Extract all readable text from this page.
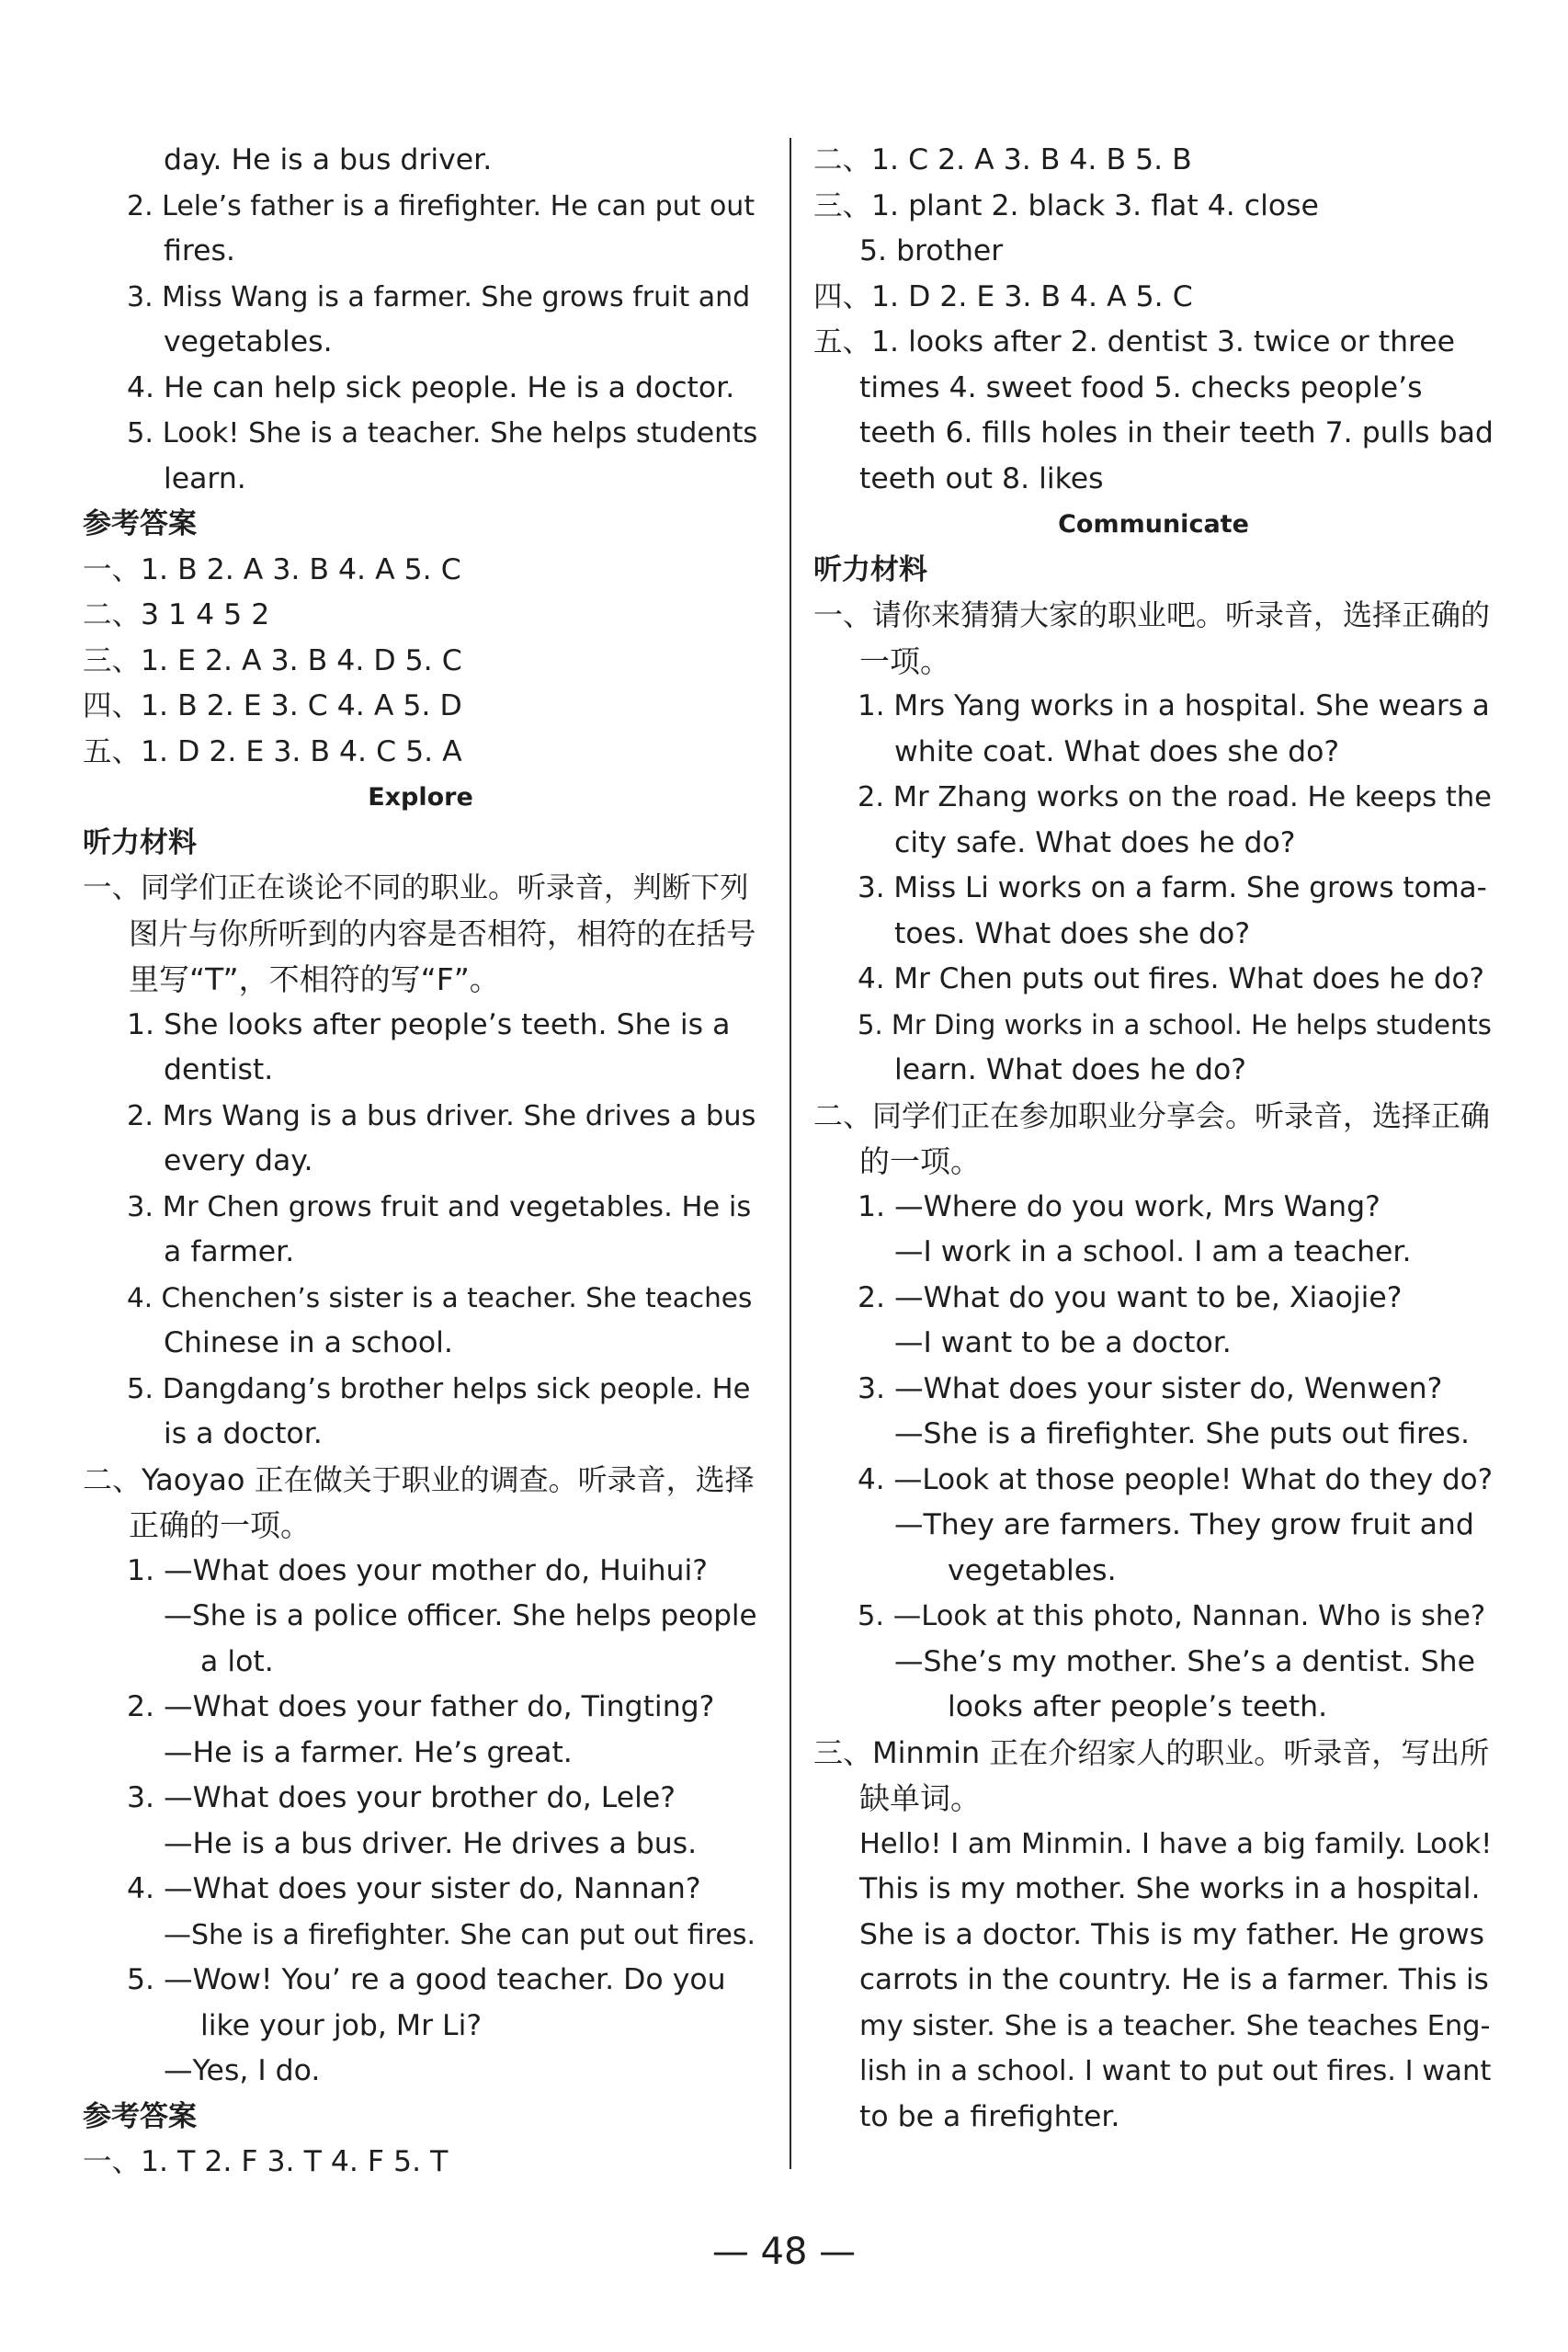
day. He is a bus driver.
2. Lele’s father is a firefighter. He can put out
fires.
3. Miss Wang is a farmer. She grows fruit and
vegetables.
4. He can help sick people. He is a doctor.
5. Look! She is a teacher. She helps students
learn.
参考答案
一、1. B 2. A 3. B 4. A 5. C
二、3 1 4 5 2
三、1. E 2. A 3. B 4. D 5. C
四、1. B 2. E 3. C 4. A 5. D
五、1. D 2. E 3. B 4. C 5. A
Explore
听力材料
一、同学们正在谈论不同的职业。听录音，判断下列
图片与你所听到的内容是否相符，相符的在括号
里写“T”，不相符的写“F”。
1. She looks after people’s teeth. She is a
dentist.
2. Mrs Wang is a bus driver. She drives a bus
every day.
3. Mr Chen grows fruit and vegetables. He is
a farmer.
4. Chenchen’s sister is a teacher. She teaches
Chinese in a school.
5. Dangdang’s brother helps sick people. He
is a doctor.
二、Yaoyao 正在做关于职业的调查。听录音，选择
正确的一项。
1. —What does your mother do, Huihui?
—She is a police officer. She helps people
a lot.
2. —What does your father do, Tingting?
—He is a farmer. He’s great.
3. —What does your brother do, Lele?
—He is a bus driver. He drives a bus.
4. —What does your sister do, Nannan?
—She is a firefighter. She can put out fires.
5. —Wow! You’ re a good teacher. Do you
like your job, Mr Li?
—Yes, I do.
参考答案
一、1. T 2. F 3. T 4. F 5. T
二、1. C 2. A 3. B 4. B 5. B
三、1. plant 2. black 3. flat 4. close
5. brother
四、1. D 2. E 3. B 4. A 5. C
五、1. looks after 2. dentist 3. twice or three
times 4. sweet food 5. checks people’s
teeth 6. fills holes in their teeth 7. pulls bad
teeth out 8. likes
Communicate
听力材料
一、请你来猜猜大家的职业吧。听录音，选择正确的
一项。
1. Mrs Yang works in a hospital. She wears a
white coat. What does she do?
2. Mr Zhang works on the road. He keeps the
city safe. What does he do?
3. Miss Li works on a farm. She grows toma-
toes. What does she do?
4. Mr Chen puts out fires. What does he do?
5. Mr Ding works in a school. He helps students
learn. What does he do?
二、同学们正在参加职业分享会。听录音，选择正确
的一项。
1. —Where do you work, Mrs Wang?
—I work in a school. I am a teacher.
2. —What do you want to be, Xiaojie?
—I want to be a doctor.
3. —What does your sister do, Wenwen?
—She is a firefighter. She puts out fires.
4. —Look at those people! What do they do?
—They are farmers. They grow fruit and
vegetables.
5. —Look at this photo, Nannan. Who is she?
—She’s my mother. She’s a dentist. She
looks after people’s teeth.
三、Minmin 正在介绍家人的职业。听录音，写出所
缺单词。
Hello! I am Minmin. I have a big family. Look!
This is my mother. She works in a hospital.
She is a doctor. This is my father. He grows
carrots in the country. He is a farmer. This is
my sister. She is a teacher. She teaches Eng-
lish in a school. I want to put out fires. I want
to be a firefighter.
— 48 —
